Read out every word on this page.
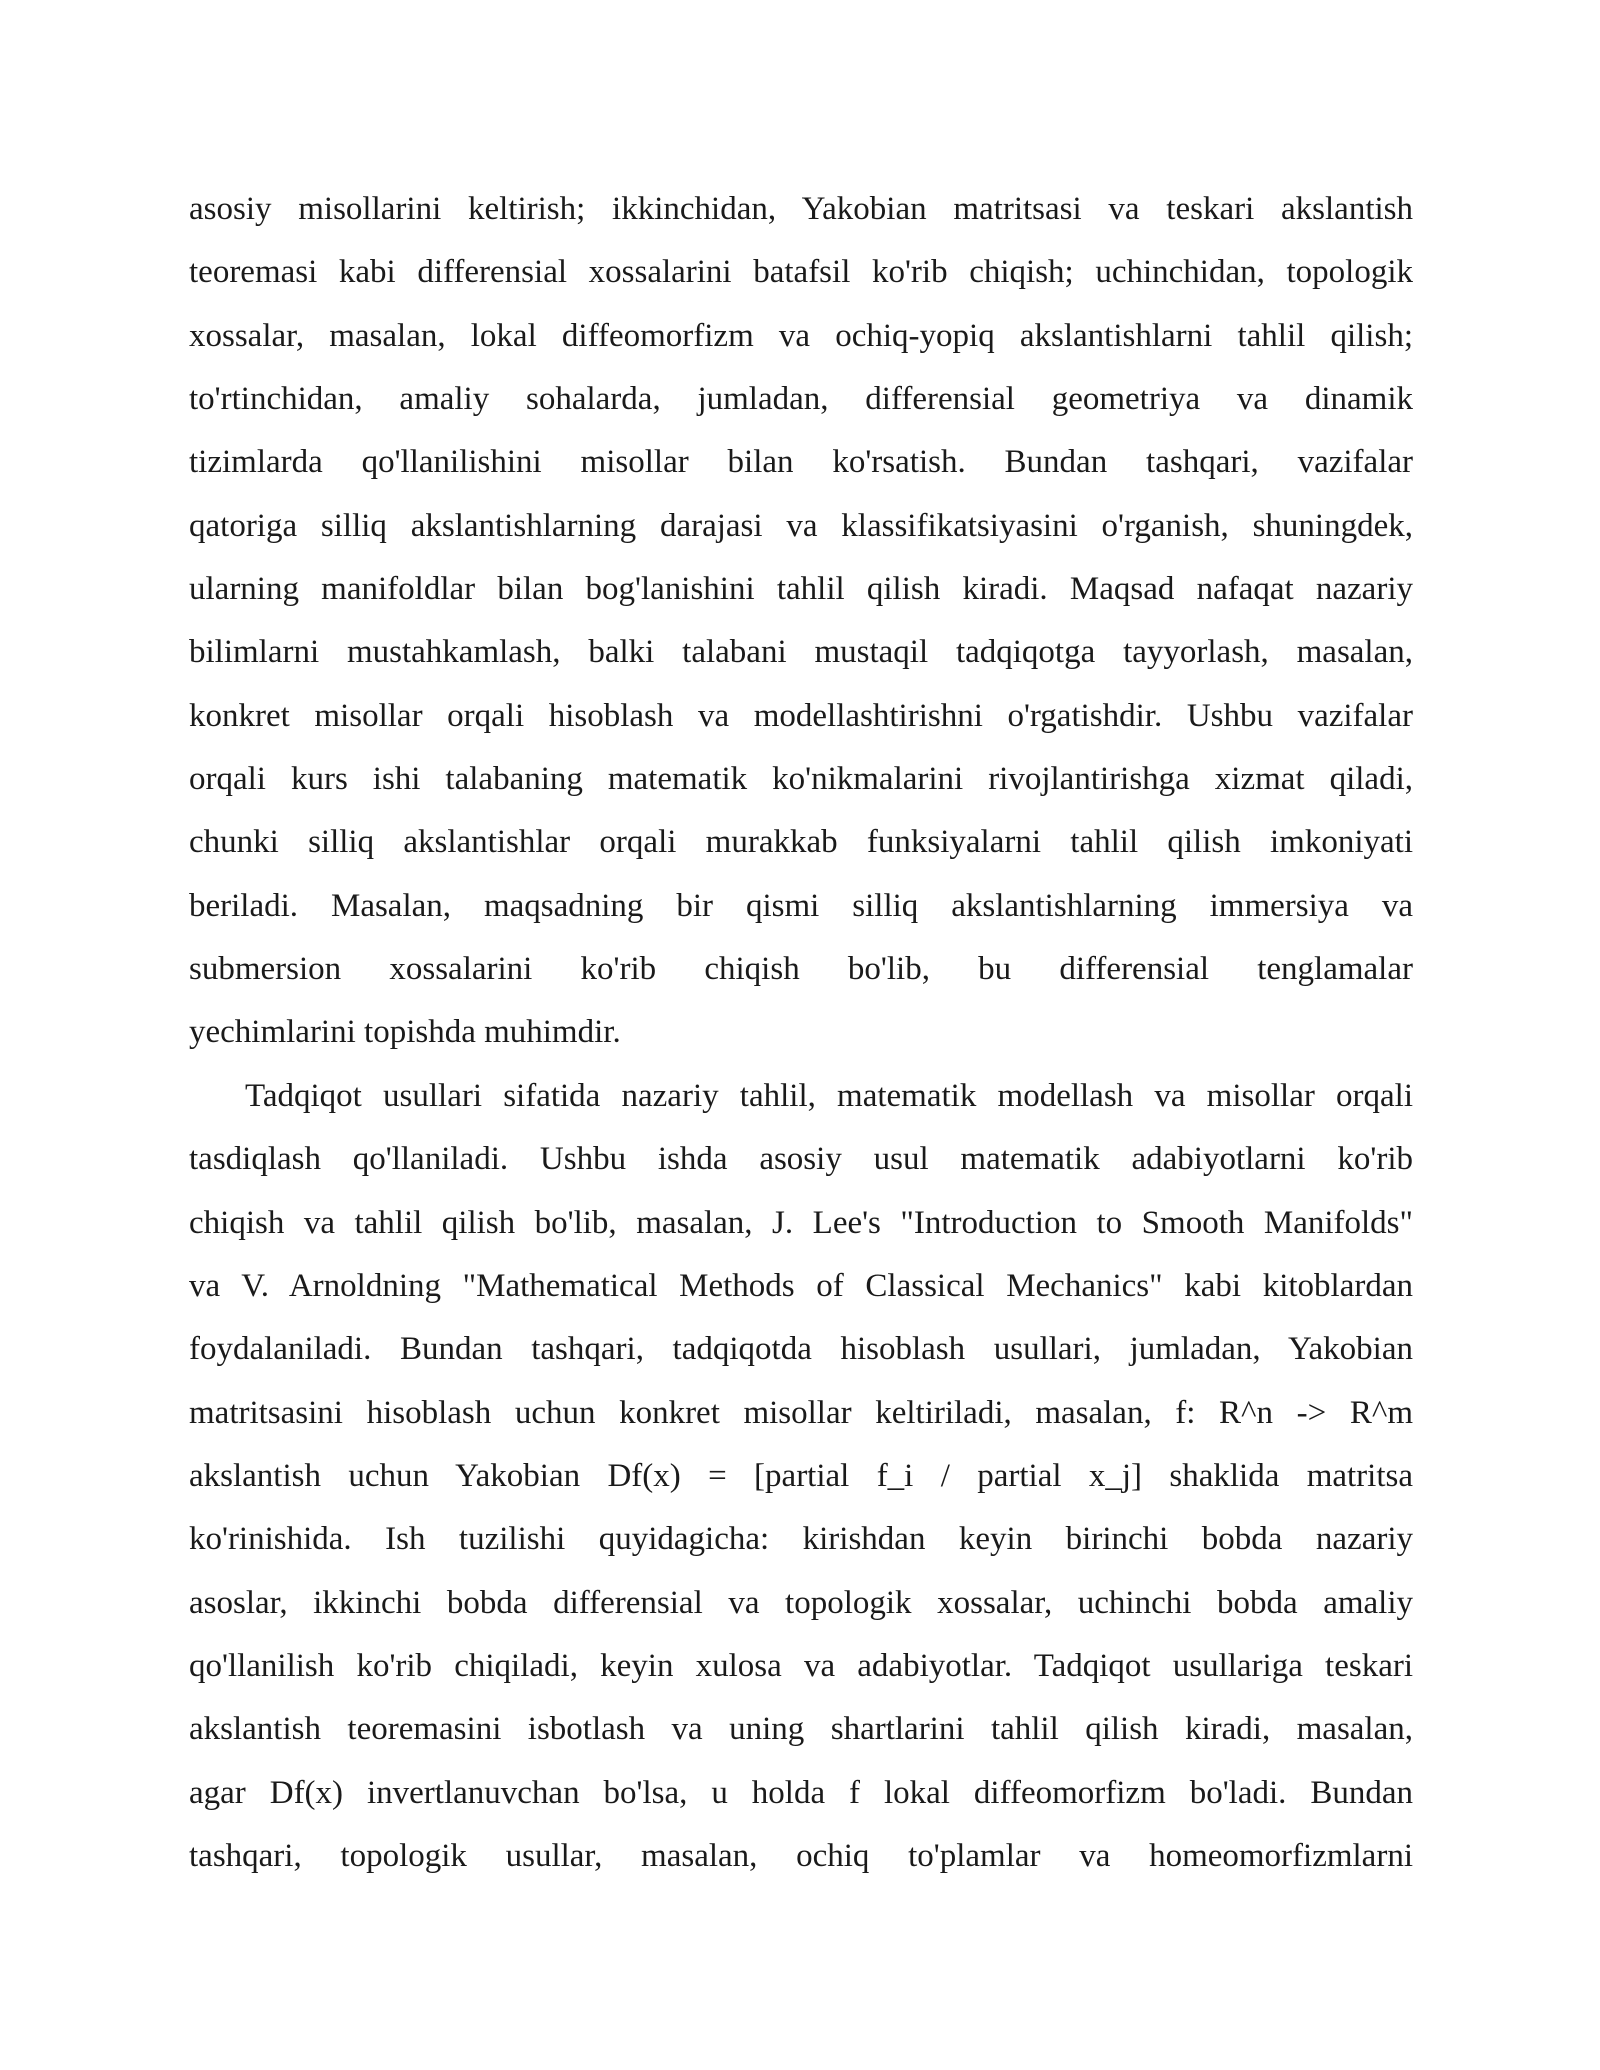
asosiy misollarini keltirish; ikkinchidan, Yakobian matritsasi va teskari akslantish
teoremasi kabi differensial xossalarini batafsil ko'rib chiqish; uchinchidan, topologik
xossalar, masalan, lokal diffeomorfizm va ochiq-yopiq akslantishlarni tahlil qilish;
to'rtinchidan, amaliy sohalarda, jumladan, differensial geometriya va dinamik
tizimlarda qo'llanilishini misollar bilan ko'rsatish. Bundan tashqari, vazifalar
qatoriga silliq akslantishlarning darajasi va klassifikatsiyasini o'rganish, shuningdek,
ularning manifoldlar bilan bog'lanishini tahlil qilish kiradi. Maqsad nafaqat nazariy
bilimlarni mustahkamlash, balki talabani mustaqil tadqiqotga tayyorlash, masalan,
konkret misollar orqali hisoblash va modellashtirishni o'rgatishdir. Ushbu vazifalar
orqali kurs ishi talabaning matematik ko'nikmalarini rivojlantirishga xizmat qiladi,
chunki silliq akslantishlar orqali murakkab funksiyalarni tahlil qilish imkoniyati
beriladi. Masalan, maqsadning bir qismi silliq akslantishlarning immersiya va
submersion xossalarini ko'rib chiqish bo'lib, bu differensial tenglamalar
yechimlarini topishda muhimdir.
Tadqiqot usullari sifatida nazariy tahlil, matematik modellash va misollar orqali
tasdiqlash qo'llaniladi. Ushbu ishda asosiy usul matematik adabiyotlarni ko'rib
chiqish va tahlil qilish bo'lib, masalan, J. Lee's "Introduction to Smooth Manifolds"
va V. Arnoldning "Mathematical Methods of Classical Mechanics" kabi kitoblardan
foydalaniladi. Bundan tashqari, tadqiqotda hisoblash usullari, jumladan, Yakobian
matritsasini hisoblash uchun konkret misollar keltiriladi, masalan, f: R^n -> R^m
akslantish uchun Yakobian Df(x) = [partial f_i / partial x_j] shaklida matritsa
ko'rinishida. Ish tuzilishi quyidagicha: kirishdan keyin birinchi bobda nazariy
asoslar, ikkinchi bobda differensial va topologik xossalar, uchinchi bobda amaliy
qo'llanilish ko'rib chiqiladi, keyin xulosa va adabiyotlar. Tadqiqot usullariga teskari
akslantish teoremasini isbotlash va uning shartlarini tahlil qilish kiradi, masalan,
agar Df(x) invertlanuvchan bo'lsa, u holda f lokal diffeomorfizm bo'ladi. Bundan
tashqari, topologik usullar, masalan, ochiq to'plamlar va homeomorfizmlarni
